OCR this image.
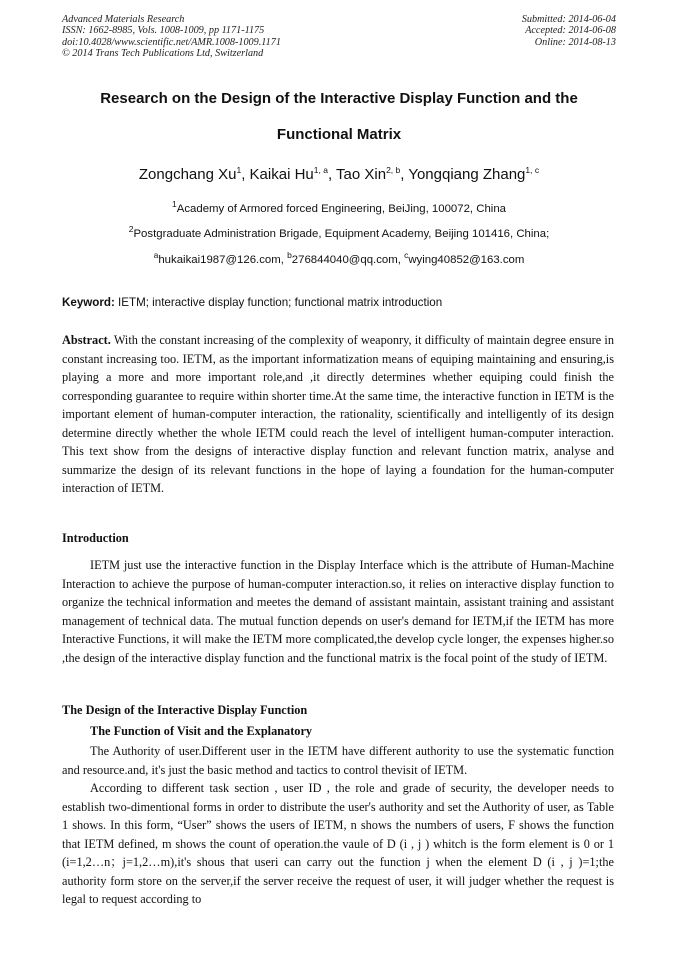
Advanced Materials Research
ISSN: 1662-8985, Vols. 1008-1009, pp 1171-1175
doi:10.4028/www.scientific.net/AMR.1008-1009.1171
© 2014 Trans Tech Publications Ltd, Switzerland
Submitted: 2014-06-04
Accepted: 2014-06-08
Online: 2014-08-13
Research on the Design of the Interactive Display Function and the
Functional Matrix
Zongchang Xu$^1$, Kaikai Hu$^{1, a}$, Tao Xin$^{2, b}$, Yongqiang Zhang$^{1, c}$
$^1$Academy of Armored forced Engineering, BeiJing, 100072, China
$^2$Postgraduate Administration Brigade, Equipment Academy, Beijing 101416, China;
$^a$hukaikai1987@126.com, $^b$276844040@qq.com, $^c$wying40852@163.com
Keyword: IETM; interactive display function; functional matrix introduction

Abstract. With the constant increasing of the complexity of weaponry, it difficulty of maintain degree ensure in constant increasing too. IETM, as the important informatization means of equiping maintaining and ensuring,is playing a more and more important role,and ,it directly determines whether equiping could finish the corresponding guarantee to require within shorter time.At the same time, the interactive function in IETM is the important element of human-computer interaction, the rationality, scientifically and intelligently of its design determine directly whether the whole IETM could reach the level of intelligent human-computer interaction. This text show from the designs of interactive display function and relevant function matrix, analyse and summarize the design of its relevant functions in the hope of laying a foundation for the human-computer interaction of IETM.

Introduction

IETM just use the interactive function in the Display Interface which is the attribute of Human-Machine Interaction to achieve the purpose of human-computer interaction.so, it relies on interactive display function to organize the technical information and meetes the demand of assistant maintain, assistant training and assistant management of technical data. The mutual function depends on user's demand for IETM,if the IETM has more Interactive Functions, it will make the IETM more complicated,the develop cycle longer, the expenses higher.so ,the design of the interactive display function and the functional matrix is the focal point of the study of IETM.

The Design of the Interactive Display Function
The Function of Visit and the Explanatory

The Authority of user.Different user in the IETM have different authority to use the systematic function and resource.and, it's just the basic method and tactics to control thevisit of IETM.

According to different task section , user ID , the role and grade of security, the developer needs to establish two-dimentional forms in order to distribute the user's authority and set the Authority of user, as Table 1 shows. In this form, “User” shows the users of IETM, n shows the numbers of users, F shows the function that IETM defined, m shows the count of operation.the vaule of D (i , j ) whitch is the form element is 0 or 1 (i=1,2…n；j=1,2…m),it's shous that useri can carry out the function j when the element D (i , j )=1;the authority form store on the server,if the server receive the request of user, it will judger whether the request is legal to request according to
